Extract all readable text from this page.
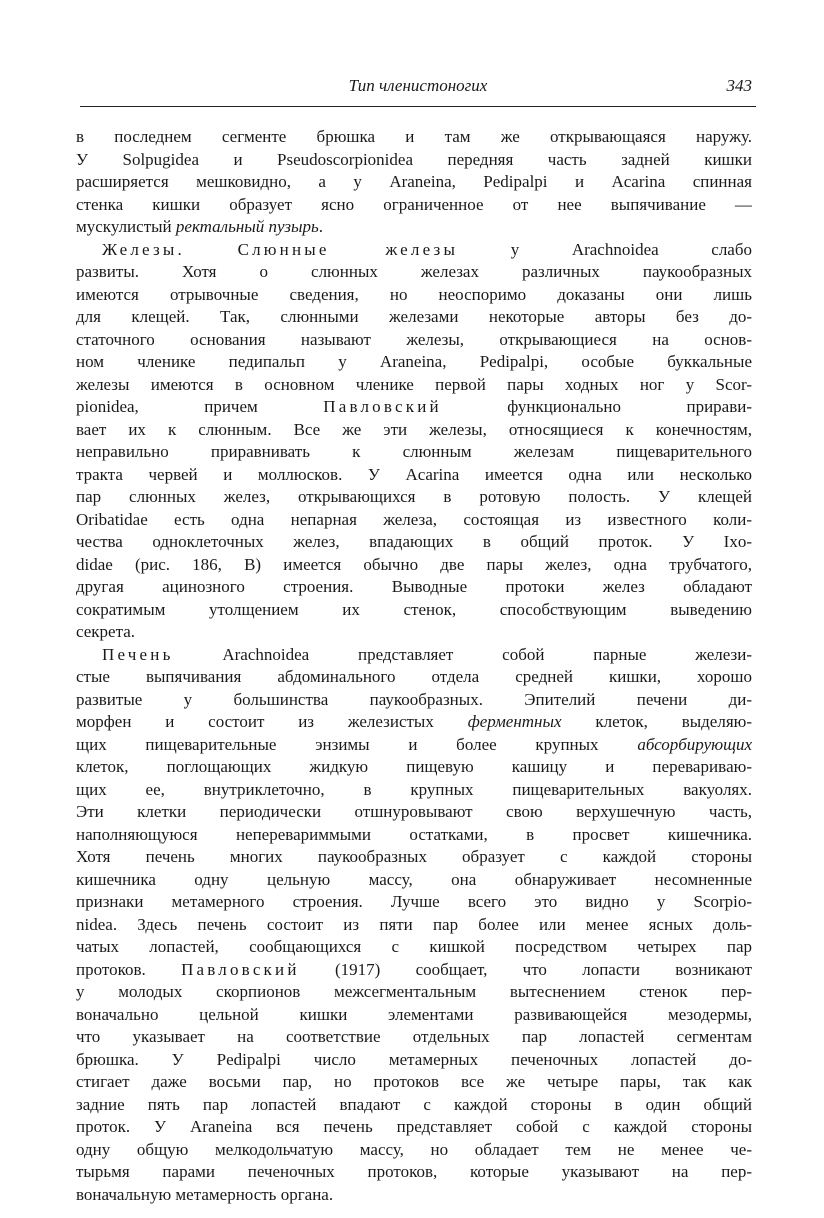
Тип членистоногих	343
в последнем сегменте брюшка и там же открывающаяся наружу.
У Solpugidea и Pseudoscorpionidea передняя часть задней кишки
расширяется мешковидно, а у Araneina, Pedipalpi и Acarina спинная
стенка кишки образует ясно ограниченное от нее выпячивание —
мускулистый ректальный пузырь.
Железы.	Слюнные железы	у Arachnoidea слабо
развиты. Хотя о слюнных железах различных паукообразных
имеются отрывочные сведения, но неоспоримо доказаны они лишь
для клещей. Так, слюнными железами некоторые авторы без до-
статочного основания называют железы, открывающиеся на основ-
ном членике педипальп у Araneina, Pedipalpi, особые буккальные
железы имеются в основном членике первой пары ходных ног у Scor-
pionidea, причем	Павловский	функционально прирави-
вает их к слюнным. Все же эти железы, относящиеся к конечностям,
неправильно приравнивать к слюнным железам пищеварительного
тракта червей и моллюсков. У Acarina имеется одна или несколько
пар слюнных желез, открывающихся в ротовую полость. У клещей
Oribatidae есть одна непарная железа, состоящая из известного коли-
чества одноклеточных желез, впадающих в общий проток. У Ixo-
didae (рис. 186, B) имеется обычно две пары желез, одна трубчатого,
другая ацинозного строения. Выводные протоки желез обладают
сократимым утолщением их стенок, способствующим выведению
секрета.
Печень	Arachnoidea представляет собой парные желези-
стые выпячивания абдоминального отдела средней кишки, хорошо
развитые у большинства паукообразных. Эпителий печени ди-
морфен и состоит из железистых ферментных клеток, выделяю-
щих пищеварительные энзимы и более крупных абсорбирующих
клеток, поглощающих жидкую пищевую кашицу и переваривaю-
щих ее, внутриклеточно, в крупных пищеварительных вакуолях.
Эти клетки периодически отшнуровывают свою верхушечную часть,
наполняющуюся неперевариммыми остатками, в просвет кишечника.
Хотя печень многих паукообразных образует с каждой стороны
кишечника одну цельную массу, она обнаруживает несомненные
признаки метамерного строения. Лучше всего это видно у Scorpio-
nidea. Здесь печень состоит из пяти пар более или менее ясных доль-
чатых лопастей, сообщающихся с кишкой посредством четырех пар
протоков. Павловский (1917) сообщает, что лопасти возникают
у молодых скорпионов межсегментальным вытеснением стенок пер-
воначально цельной кишки элементами развивающейся мезодермы,
что указывает на соответствие отдельных пар лопастей сегментам
брюшка. У Pedipalpi число метамерных печеночных лопастей до-
стигает даже восьми пар, но протоков все же четыре пары, так как
задние пять пар лопастей впадают с каждой стороны в один общий
проток. У Araneina вся печень представляет собой с каждой стороны
одну общую мелкодольчатую массу, но обладает тем не менее че-
тырьмя парами печеночных протоков, которые указывают на пер-
воначальную метамерность органа.
